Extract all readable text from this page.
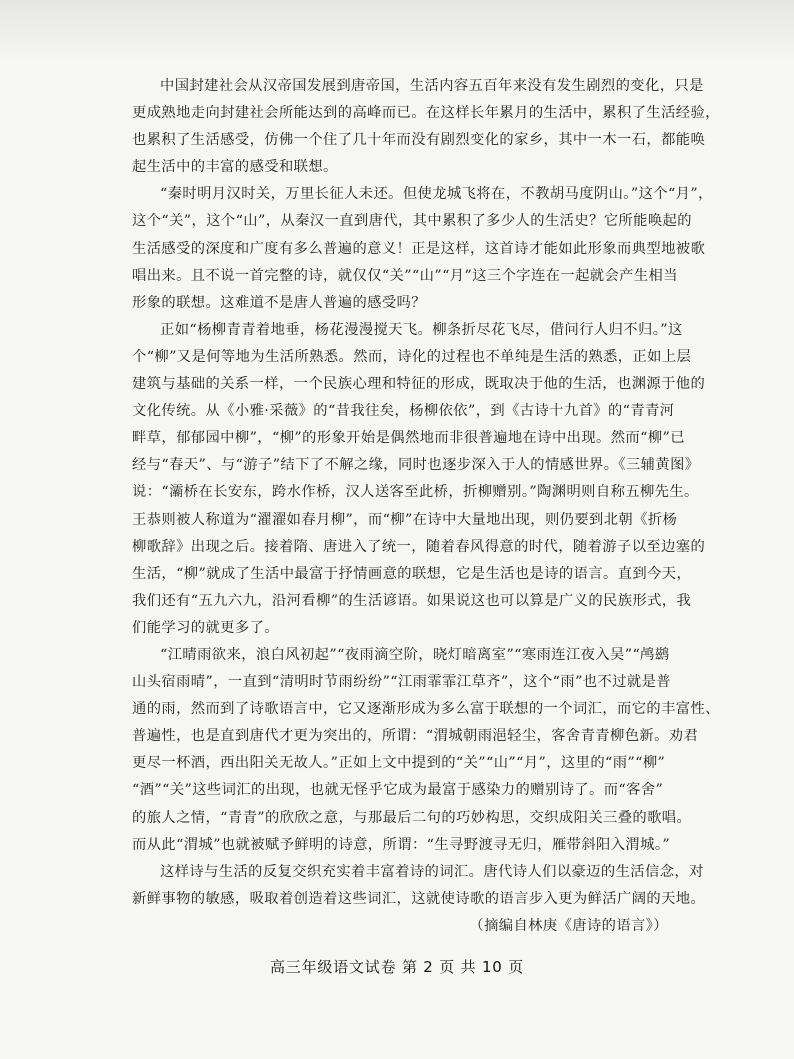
中国封建社会从汉帝国发展到唐帝国，生活内容五百年来没有发生剧烈的变化，只是
更成熟地走向封建社会所能达到的高峰而已。在这样长年累月的生活中，累积了生活经验，
也累积了生活感受，仿佛一个住了几十年而没有剧烈变化的家乡，其中一木一石，都能唤
起生活中的丰富的感受和联想。

“秦时明月汉时关，万里长征人未还。但使龙城飞将在，不教胡马度阴山。”这个“月”，
这个“关”，这个“山”，从秦汉一直到唐代，其中累积了多少人的生活史？它所能唤起的
生活感受的深度和广度有多么普遍的意义！正是这样，这首诗才能如此形象而典型地被歌
唱出来。且不说一首完整的诗，就仅仅“关”“山”“月”这三个字连在一起就会产生相当
形象的联想。这难道不是唐人普遍的感受吗？

正如“杨柳青青着地垂，杨花漫漫搅天飞。柳条折尽花飞尽，借问行人归不归。”这
个“柳”又是何等地为生活所熟悉。然而，诗化的过程也不单纯是生活的熟悉，正如上层
建筑与基础的关系一样，一个民族心理和特征的形成，既取决于他的生活，也渊源于他的
文化传统。从《小雅·采薇》的“昔我往矣，杨柳依依”，到《古诗十九首》的“青青河
畔草，郁郁园中柳”，“柳”的形象开始是偶然地而非很普遍地在诗中出现。然而“柳”已
经与“春天”、与“游子”结下了不解之缘，同时也逐步深入于人的情感世界。《三辅黄图》
说：“灞桥在长安东，跨水作桥，汉人送客至此桥，折柳赠别。”陶渊明则自称五柳先生。
王恭则被人称道为“濯濯如春月柳”，而“柳”在诗中大量地出现，则仍要到北朝《折杨
柳歌辞》出现之后。接着隋、唐进入了统一，随着春风得意的时代，随着游子以至边塞的
生活，“柳”就成了生活中最富于抒情画意的联想，它是生活也是诗的语言。直到今天，
我们还有“五九六九，沿河看柳”的生活谚语。如果说这也可以算是广义的民族形式，我
们能学习的就更多了。

“江晴雨欲来，浪白风初起”“夜雨滴空阶，晓灯暗离室”“寒雨连江夜入吴”“鸬鹚
山头宿雨晴”，一直到“清明时节雨纷纷”“江雨霏霏江草齐”，这个“雨”也不过就是普
通的雨，然而到了诗歌语言中，它又逐渐形成为多么富于联想的一个词汇，而它的丰富性、
普遍性，也是直到唐代才更为突出的，所谓：“渭城朝雨浥轻尘，客舍青青柳色新。劝君
更尽一杯酒，西出阳关无故人。”正如上文中提到的“关”“山”“月”，这里的“雨”“柳”
“酒”“关”这些词汇的出现，也就无怪乎它成为最富于感染力的赠别诗了。而“客舍”
的旅人之情，“青青”的欣欣之意，与那最后二句的巧妙构思，交织成阳关三叠的歌唱。
而从此“渭城”也就被赋予鲜明的诗意，所谓：“生寻野渡寻无归，雁带斜阳入渭城。”

这样诗与生活的反复交织充实着丰富着诗的词汇。唐代诗人们以豪迈的生活信念，对
新鲜事物的敏感，吸取着创造着这些词汇，这就使诗歌的语言步入更为鲜活广阔的天地。

（摘编自林庚《唐诗的语言》）

高三年级语文试卷 第 2 页 共 10 页
